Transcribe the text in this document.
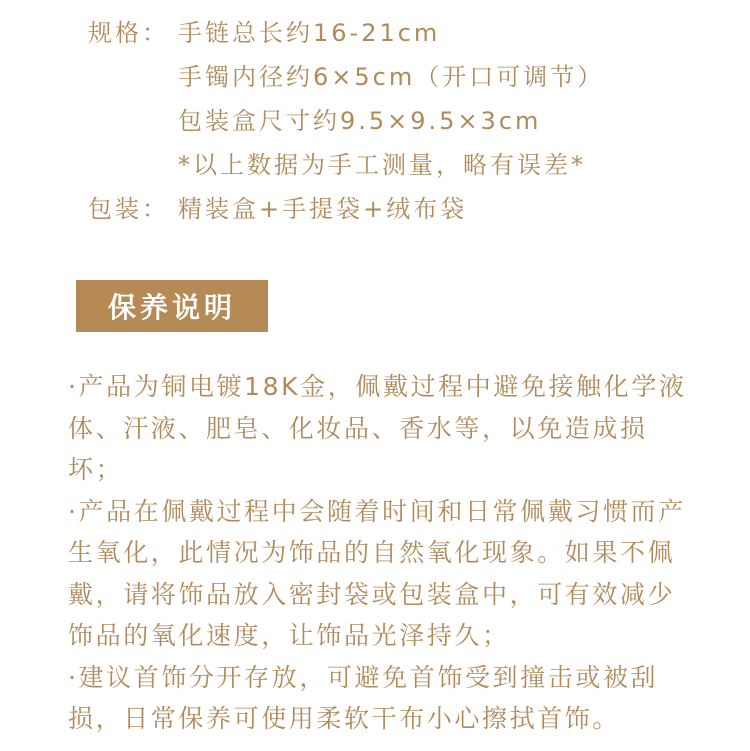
规格： 手链总长约16-21cm
手镯内径约6×5cm（开口可调节）
包装盒尺寸约9.5×9.5×3cm
*以上数据为手工测量，略有误差*
包装： 精装盒+手提袋+绒布袋
保养说明
·产品为铜电镀18K金，佩戴过程中避免接触化学液体、汗液、肥皂、化妆品、香水等，以免造成损坏；
·产品在佩戴过程中会随着时间和日常佩戴习惯而产生氧化，此情况为饰品的自然氧化现象。如果不佩戴，请将饰品放入密封袋或包装盒中，可有效减少饰品的氧化速度，让饰品光泽持久；
·建议首饰分开存放，可避免首饰受到撞击或被刮损，日常保养可使用柔软干布小心擦拭首饰。
